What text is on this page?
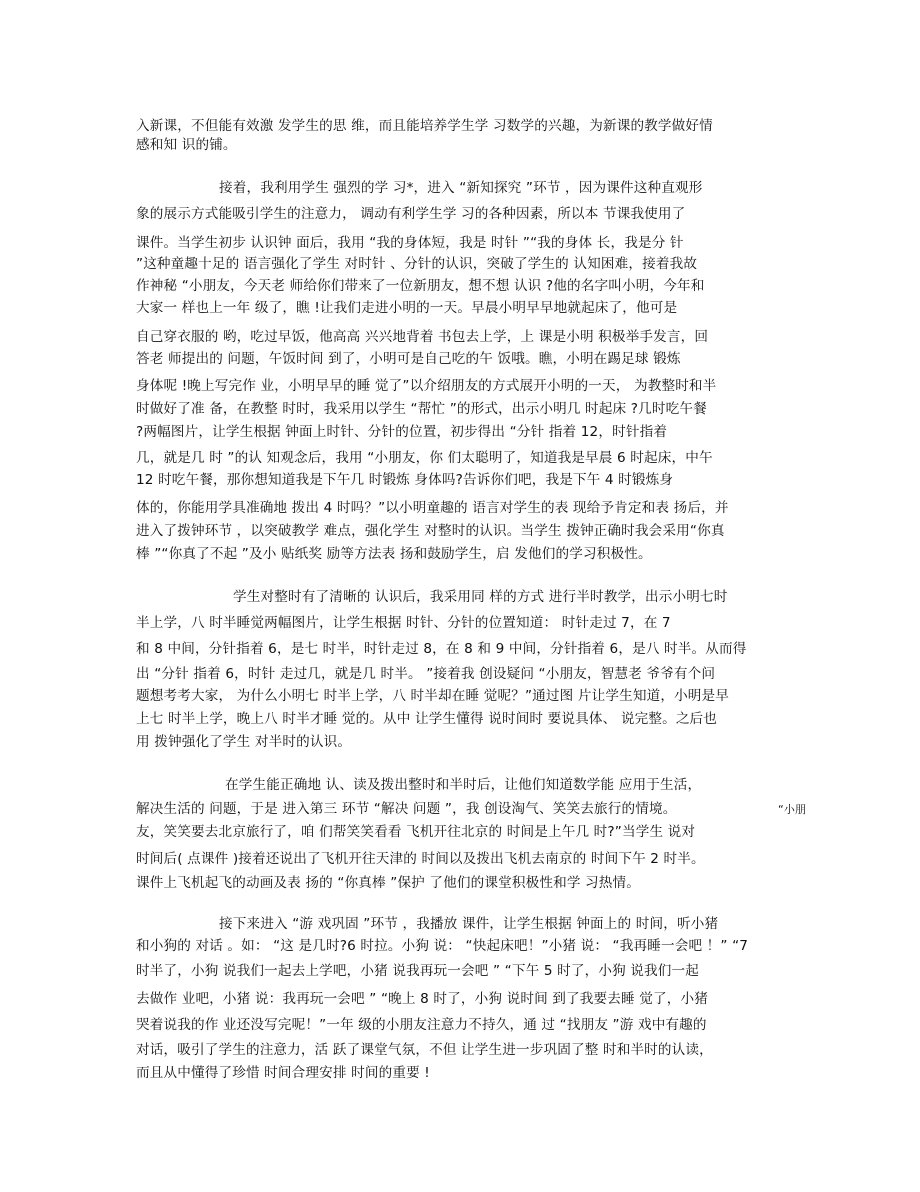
入新课，不但能有效激 发学生的思 维，而且能培养学生学 习数学的兴趣，为新课的教学做好情
感和知 识的铺。
接着，我利用学生 强烈的学 习*，进入 “新知探究 ”环节 ，因为课件这种直观形
象的展示方式能吸引学生的注意力， 调动有利学生学 习的各种因素，所以本 节课我使用了
课件。当学生初步 认识钟 面后，我用 “我的身体短，我是 时针 ”“我的身体 长，我是分 针
”这种童趣十足的 语言强化了学生 对时针 、分针的认识，突破了学生的 认知困难，接着我故
作神秘 “小朋友，今天老 师给你们带来了一位新朋友，想不想 认识 ?他的名字叫小明，今年和
大家一 样也上一年 级了，瞧 !让我们走进小明的一天。早晨小明早早地就起床了，他可是
自己穿衣服的 哟，吃过早饭，他高高 兴兴地背着 书包去上学，上 课是小明 积极举手发言，回
答老 师提出的 问题，午饭时间 到了，小明可是自己吃的午 饭哦。瞧，小明在踢足球 锻炼
身体呢 !晚上写完作 业，小明早早的睡 觉了”以介绍朋友的方式展开小明的一天， 为教整时和半
时做好了准 备，在教整 时时，我采用以学生 “帮忙 ”的形式，出示小明几 时起床 ?几时吃午餐
?两幅图片，让学生根据 钟面上时针、分针的位置，初步得出 “分针 指着 12，时针指着
几，就是几 时 ”的认 知观念后，我用 “小朋友，你 们太聪明了，知道我是早晨 6 时起床，中午
12 时吃午餐，那你想知道我是下午几 时锻炼 身体吗?告诉你们吧，我是下午 4 时锻炼身
体的，你能用学具准确地 拨出 4 时吗？”以小明童趣的 语言对学生的表 现给予肯定和表 扬后，并
进入了拨钟环节 ，以突破教学 难点，强化学生 对整时的认识。当学生 拨钟正确时我会采用“你真
棒 ”“你真了不起 ”及小 贴纸奖 励等方法表 扬和鼓励学生，启 发他们的学习积极性。
学生对整时有了清晰的 认识后，我采用同 样的方式 进行半时教学，出示小明七时
半上学，八 时半睡觉两幅图片，让学生根据 时针、分针的位置知道： 时针走过 7，在 7
和 8 中间，分针指着 6，是七 时半，时针走过 8，在 8 和 9 中间，分针指着 6，是八 时半。从而得
出 “分针 指着 6，时针 走过几，就是几 时半。 ”接着我 创设疑问 “小朋友，智慧老 爷爷有个问
题想考考大家， 为什么小明七 时半上学，八 时半却在睡 觉呢？”通过图 片让学生知道，小明是早
上七 时半上学，晚上八 时半才睡 觉的。从中 让学生懂得 说时间时 要说具体、 说完整。之后也
用 拨钟强化了学生 对半时的认识。
在学生能正确地 认、读及拨出整时和半时后，让他们知道数学能 应用于生活，
解决生活的 问题，于是 进入第三 环节 “解决 问题 ”，我 创设淘气、笑笑去旅行的情境。	“小朋
友，笑笑要去北京旅行了，咱 们帮笑笑看看 飞机开往北京的 时间是上午几 时?”当学生 说对
时间后( 点课件 )接着还说出了飞机开往天津的 时间以及拨出飞机去南京的 时间下午 2 时半。
课件上飞机起飞的动画及表 扬的 “你真棒 ”保护 了他们的课堂积极性和学 习热情。
接下来进入 “游 戏巩固 ”环节 ，我播放 课件，让学生根据 钟面上的 时间，听小猪
和小狗的 对话 。如： “这 是几时?6 时拉。小狗 说： “快起床吧！”小猪 说： “我再睡一会吧 ！” “7
时半了，小狗 说我们一起去上学吧，小猪 说我再玩一会吧 ” “下午 5 时了，小狗 说我们一起
去做作 业吧，小猪 说：我再玩一会吧 ” “晚上 8 时了，小狗 说时间 到了我要去睡 觉了，小猪
哭着说我的作 业还没写完呢！”一年 级的小朋友注意力不持久，通 过 “找朋友 ”游 戏中有趣的
对话，吸引了学生的注意力，活 跃了课堂气氛，不但 让学生进一步巩固了整 时和半时的认读，
而且从中懂得了珍惜 时间合理安排 时间的重要 !
